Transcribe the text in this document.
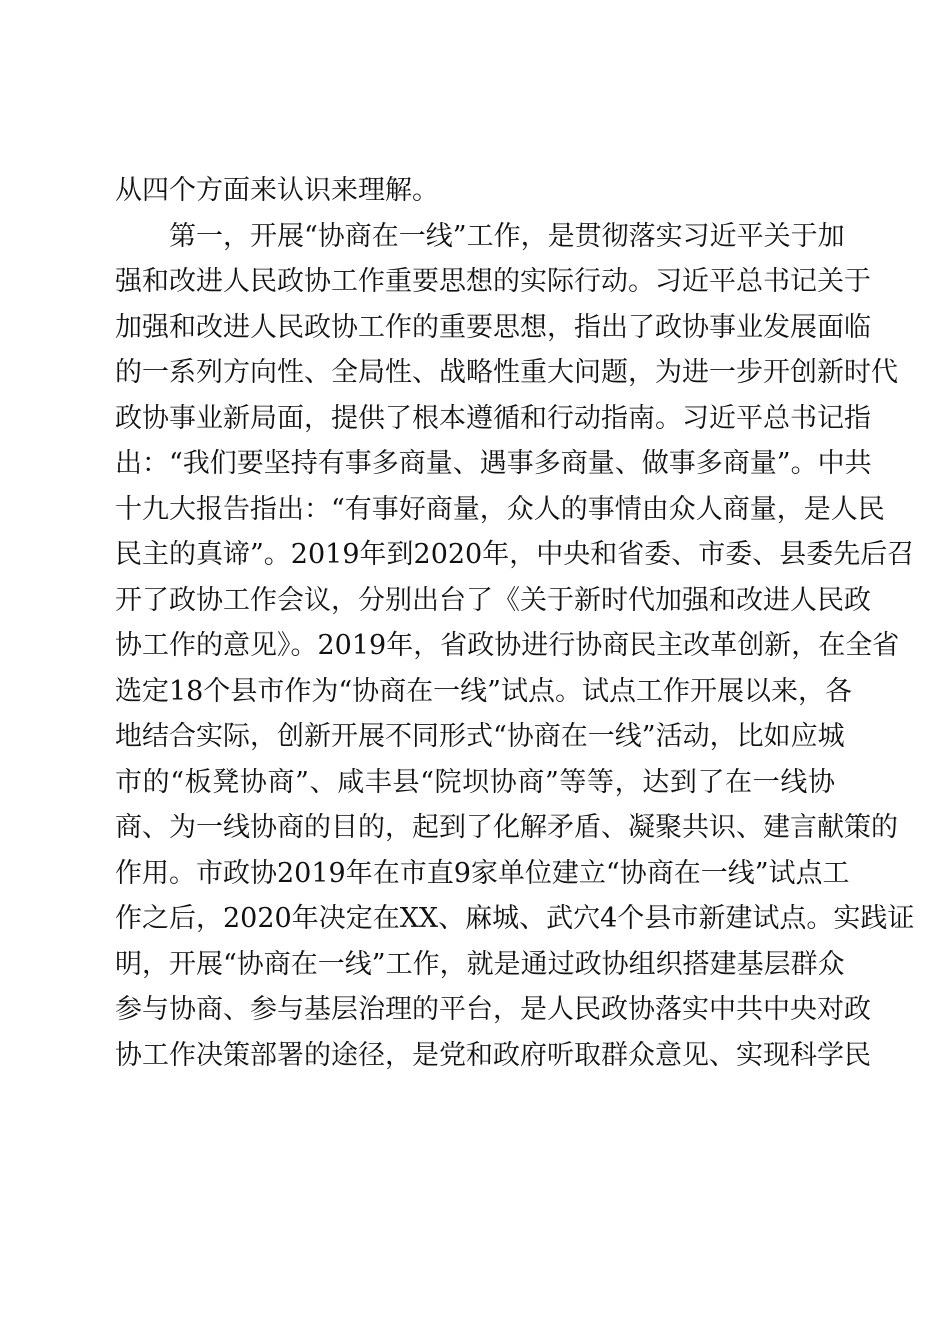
从四个方面来认识来理解。
第一，开展“协商在一线”工作，是贯彻落实习近平关于加
强和改进人民政协工作重要思想的实际行动。习近平总书记关于
加强和改进人民政协工作的重要思想，指出了政协事业发展面临
的一系列方向性、全局性、战略性重大问题，为进一步开创新时代
政协事业新局面，提供了根本遵循和行动指南。习近平总书记指
出：“我们要坚持有事多商量、遇事多商量、做事多商量”。中共
十九大报告指出：“有事好商量，众人的事情由众人商量，是人民
民主的真谛”。2019年到2020年，中央和省委、市委、县委先后召
开了政协工作会议，分别出台了《关于新时代加强和改进人民政
协工作的意见》。2019年，省政协进行协商民主改革创新，在全省
选定18个县市作为“协商在一线”试点。试点工作开展以来，各
地结合实际，创新开展不同形式“协商在一线”活动，比如应城
市的“板凳协商”、咸丰县“院坝协商”等等，达到了在一线协
商、为一线协商的目的，起到了化解矛盾、凝聚共识、建言献策的
作用。市政协2019年在市直9家单位建立“协商在一线”试点工
作之后，2020年决定在XX、麻城、武穴4个县市新建试点。实践证
明，开展“协商在一线”工作，就是通过政协组织搭建基层群众
参与协商、参与基层治理的平台，是人民政协落实中共中央对政
协工作决策部署的途径，是党和政府听取群众意见、实现科学民
